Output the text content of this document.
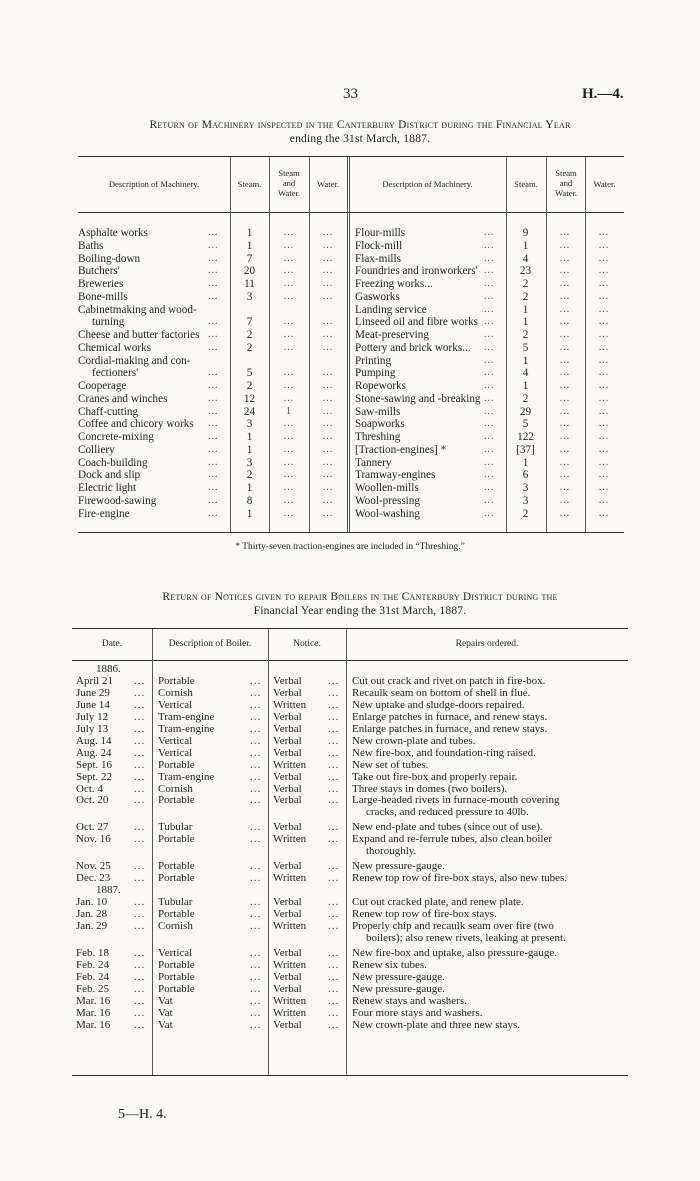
33	H.—4.
Return of Machinery inspected in the Canterbury District during the Financial Year
ending the 31st March, 1887.
Description of Machinery.	Steam.
Steam and Water.
Water.	Description of Machinery.	Steam.
Steam and Water.
Water.
Asphalte works	...	1	...	...
Baths	...	1	...	...
Boiling-down	...	7	...	...
Butchers'	...	20	...	...
Breweries	...	11	...	...
Bone-mills	...	3	...	...
Cabinetmaking and wood-
turning	...	7	...	...
Cheese and butter factories ...	2	...	...
Chemical works	...	2	...	...
Cordial-making and con-
fectioners'	...	5	...	...
Cooperage	...	2	...	...
Cranes and winches	...	12	...	...
Chaff-cutting	...	24	1	...
Coffee and chicory works ...	3	...	...
Concrete-mixing	...	1	...	...
Colliery	...	1	...	...
Coach-building	...	3	...	...
Dock and slip	...	2	...	...
Electric light	...	1	...	...
Firewood-sawing	...	8	...	...
Fire-engine	...	1	...	...
Flour-mills	...	9	...	...
Flock-mill	...	1	...	...
Flax-mills	...	4	...	...
Foundries and ironworkers' ...	23	...	...
Freezing works...	...	2	...	...
Gasworks	...	2	...	...
Landing service	...	1	...	...
Linseed oil and fibre works ...	1	...	...
Meat-preserving	...	2	...	...
Pottery and brick works... ...	5	...	...
Printing	...	1	...	...
Pumping	...	4	...	...
Ropeworks	...	1	...	...
Stone-sawing and -breaking ...	2	...	...
Saw-mills	...	29	...	...
Soapworks	...	5	...	...
Threshing	...	122	...	...
[Traction-engines] *	...	[37]	...	...
Tannery	...	1	...	...
Tramway-engines	...	6	...	...
Woollen-mills	...	3	...	...
Wool-pressing	...	3	...	...
Wool-washing	...	2	...	...
* Thirty-seven traction-engines are included in “Threshing.”
Return of Notices given to repair Boilers in the Canterbury District during the
Financial Year ending the 31st March, 1887.
Date.	Description of Boiler.	Notice.	Repairs ordered.
1886.
April 21 ... Portable	... Verbal ... Cut out crack and rivet on patch in fire-box.
June 29 ... Cornish	... Verbal ... Recaulk seam on bottom of shell in flue.
June 14 ... Vertical	... Written ... New uptake and sludge-doors repaired.
July 12 ... Tram-engine	... Verbal ... Enlarge patches in furnace, and renew stays.
July 13 ... Tram-engine	... Verbal ... Enlarge patches in furnace, and renew stays.
Aug. 14 ... Vertical	... Verbal ... New crown-plate and tubes.
Aug. 24 ... Vertical	... Verbal ... New fire-box, and foundation-ring raised.
Sept. 16 ... Portable	... Written ... New set of tubes.
Sept. 22 ... Tram-engine	... Verbal ... Take out fire-box and properly repair.
Oct. 4	... Cornish	... Verbal ... Three stays in domes (two boilers).
Oct. 20 ... Portable	... Verbal ... Large-headed rivets in furnace-mouth covering
cracks, and reduced pressure to 40lb.
Oct. 27 ... Tubular	... Verbal ... New end-plate and tubes (since out of use).
Nov. 16 ... Portable	... Written ... Expand and re-ferrule tubes, also clean boiler
thoroughly.
Nov. 25 ... Portable	... Verbal ... New pressure-gauge.
Dec. 23 ... Portable	... Written ... Renew top row of fire-box stays, also new tubes.
1887.
Jan. 10 ... Tubular	... Verbal ... Cut out cracked plate, and renew plate.
Jan. 28 ... Portable	... Verbal ... Renew top row of fire-box stays.
Jan. 29 ... Cornish	... Written ... Properly chip and recaulk seam over fire (two
boilers); also renew rivets, leaking at present.
Feb. 18 ... Vertical	... Verbal ... New fire-box and uptake, also pressure-gauge.
Feb. 24 ... Portable	... Written ... Renew six tubes.
Feb. 24 ... Portable	... Verbal ... New pressure-gauge.
Feb. 25 ... Portable	... Verbal ... New pressure-gauge.
Mar. 16 ... Vat	... Written ... Renew stays and washers.
Mar. 16 ... Vat	... Written ... Four more stays and washers.
Mar. 16 ... Vat	... Verbal ... New crown-plate and three new stays.
5—H. 4.
